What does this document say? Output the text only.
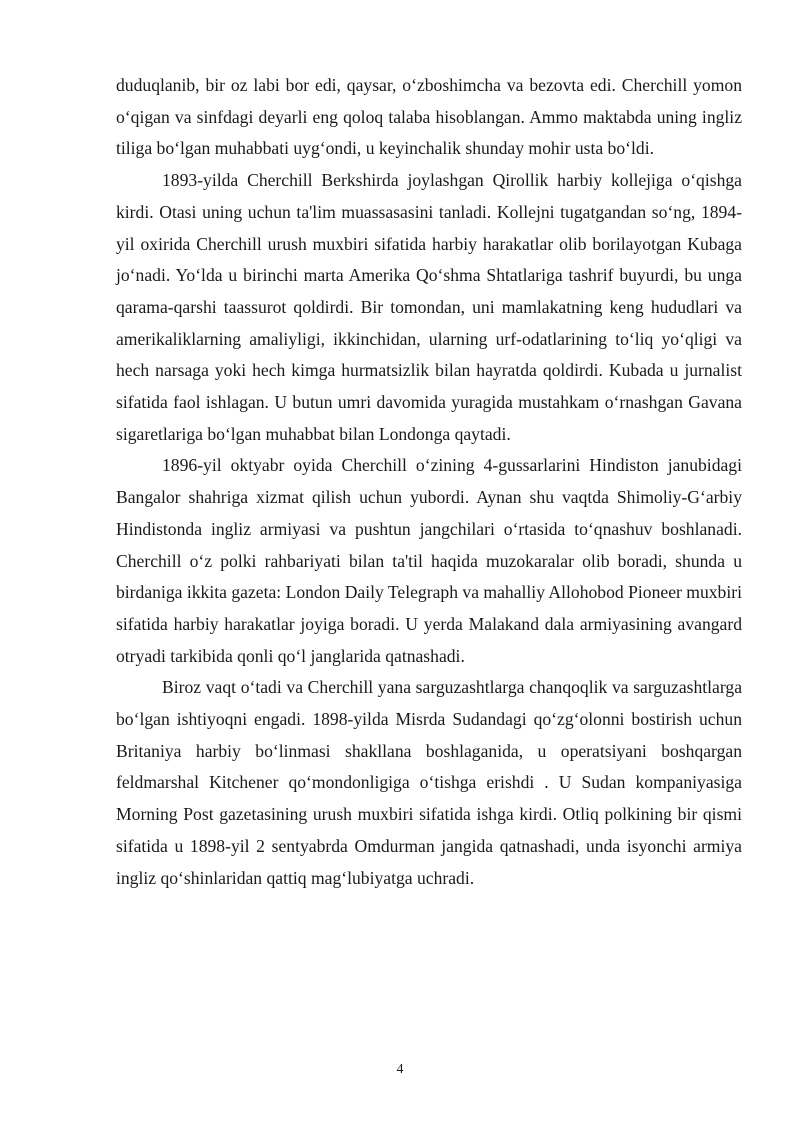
duduqlanib, bir oz labi bor edi, qaysar, o‘zboshimcha va bezovta edi. Cherchill yomon o‘qigan va sinfdagi deyarli eng qoloq talaba hisoblangan. Ammo maktabda uning ingliz tiliga bo‘lgan muhabbati uyg‘ondi, u keyinchalik shunday mohir usta bo‘ldi.

1893-yilda Cherchill Berkshirda joylashgan Qirollik harbiy kollejiga o‘qishga kirdi. Otasi uning uchun ta'lim muassasasini tanladi. Kollejni tugatgandan so‘ng, 1894-yil oxirida Cherchill urush muxbiri sifatida harbiy harakatlar olib borilayotgan Kubaga jo‘nadi. Yo‘lda u birinchi marta Amerika Qo‘shma Shtatlariga tashrif buyurdi, bu unga qarama-qarshi taassurot qoldirdi. Bir tomondan, uni mamlakatning keng hududlari va amerikaliklarning amaliyligi, ikkinchidan, ularning urf-odatlarining to‘liq yo‘qligi va hech narsaga yoki hech kimga hurmatsizlik bilan hayratda qoldirdi. Kubada u jurnalist sifatida faol ishlagan. U butun umri davomida yuragida mustahkam o‘rnashgan Gavana sigaretlariga bo‘lgan muhabbat bilan Londonga qaytadi.

1896-yil oktyabr oyida Cherchill o‘zining 4-gussarlarini Hindiston janubidagi Bangalor shahriga xizmat qilish uchun yubordi. Aynan shu vaqtda Shimoliy-G‘arbiy Hindistonda ingliz armiyasi va pushtun jangchilari o‘rtasida to‘qnashuv boshlanadi. Cherchill o‘z polki rahbariyati bilan ta'til haqida muzokaralar olib boradi, shunda u birdaniga ikkita gazeta: London Daily Telegraph va mahalliy Allohobod Pioneer muxbiri sifatida harbiy harakatlar joyiga boradi. U yerda Malakand dala armiyasining avangard otryadi tarkibida qonli qo‘l janglarida qatnashadi.

Biroz vaqt o‘tadi va Cherchill yana sarguzashtlarga chanqoqlik va sarguzashtlarga bo‘lgan ishtiyoqni engadi. 1898-yilda Misrda Sudandagi qo‘zg‘olonni bostirish uchun Britaniya harbiy bo‘linmasi shakllana boshlaganida, u operatsiyani boshqargan feldmarshal Kitchener qo‘mondonligiga o‘tishga erishdi . U Sudan kompaniyasiga Morning Post gazetasining urush muxbiri sifatida ishga kirdi. Otliq polkining bir qismi sifatida u 1898-yil 2 sentyabrda Omdurman jangida qatnashadi, unda isyonchi armiya ingliz qo‘shinlaridan qattiq mag‘lubiyatga uchradi.

4
